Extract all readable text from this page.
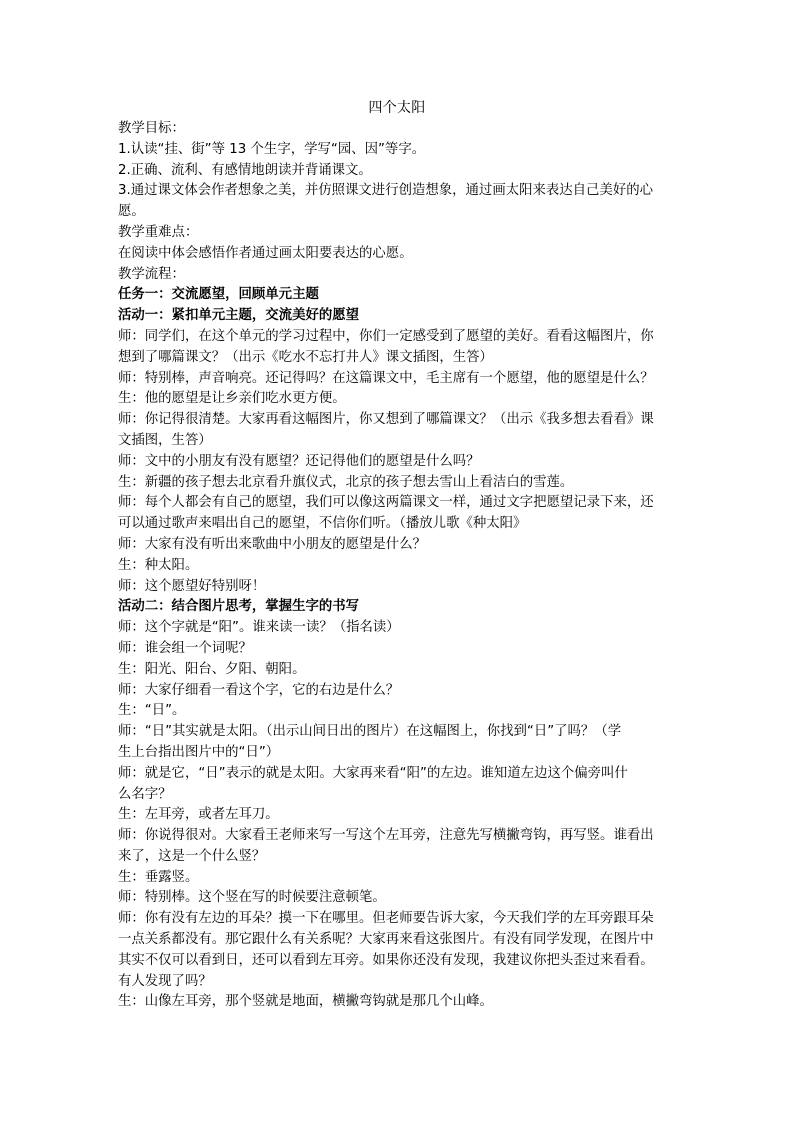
四个太阳

教学目标：

1.认读“挂、街”等 13 个生字，学写“园、因”等字。

2.正确、流利、有感情地朗读并背诵课文。

3.通过课文体会作者想象之美，并仿照课文进行创造想象，通过画太阳来表达自己美好的心

愿。

教学重难点：

在阅读中体会感悟作者通过画太阳要表达的心愿。

教学流程：

任务一：交流愿望，回顾单元主题

活动一：紧扣单元主题，交流美好的愿望

师：同学们，在这个单元的学习过程中，你们一定感受到了愿望的美好。看看这幅图片，你

想到了哪篇课文？（出示《吃水不忘打井人》课文插图，生答）

师：特别棒，声音响亮。还记得吗？在这篇课文中，毛主席有一个愿望，他的愿望是什么？

生：他的愿望是让乡亲们吃水更方便。

师：你记得很清楚。大家再看这幅图片，你又想到了哪篇课文？（出示《我多想去看看》课

文插图，生答）

师：文中的小朋友有没有愿望？还记得他们的愿望是什么吗？

生：新疆的孩子想去北京看升旗仪式，北京的孩子想去雪山上看洁白的雪莲。

师：每个人都会有自己的愿望，我们可以像这两篇课文一样，通过文字把愿望记录下来，还

可以通过歌声来唱出自己的愿望，不信你们听。（播放儿歌《种太阳》

师：大家有没有听出来歌曲中小朋友的愿望是什么？

生：种太阳。

师：这个愿望好特别呀！

活动二：结合图片思考，掌握生字的书写

师：这个字就是“阳”。谁来读一读？（指名读）

师：谁会组一个词呢？

生：阳光、阳台、夕阳、朝阳。

师：大家仔细看一看这个字，它的右边是什么？

生：“日”。

师：“日”其实就是太阳。（出示山间日出的图片）在这幅图上，你找到“日”了吗？（学

生上台指出图片中的“日”）

师：就是它，“日”表示的就是太阳。大家再来看“阳”的左边。谁知道左边这个偏旁叫什

么名字？

生：左耳旁，或者左耳刀。

师：你说得很对。大家看王老师来写一写这个左耳旁，注意先写横撇弯钩，再写竖。谁看出

来了，这是一个什么竖？

生：垂露竖。

师：特别棒。这个竖在写的时候要注意顿笔。

师：你有没有左边的耳朵？摸一下在哪里。但老师要告诉大家，今天我们学的左耳旁跟耳朵

一点关系都没有。那它跟什么有关系呢？大家再来看这张图片。有没有同学发现，在图片中

其实不仅可以看到日，还可以看到左耳旁。如果你还没有发现，我建议你把头歪过来看看。

有人发现了吗？

生：山像左耳旁，那个竖就是地面，横撇弯钩就是那几个山峰。
